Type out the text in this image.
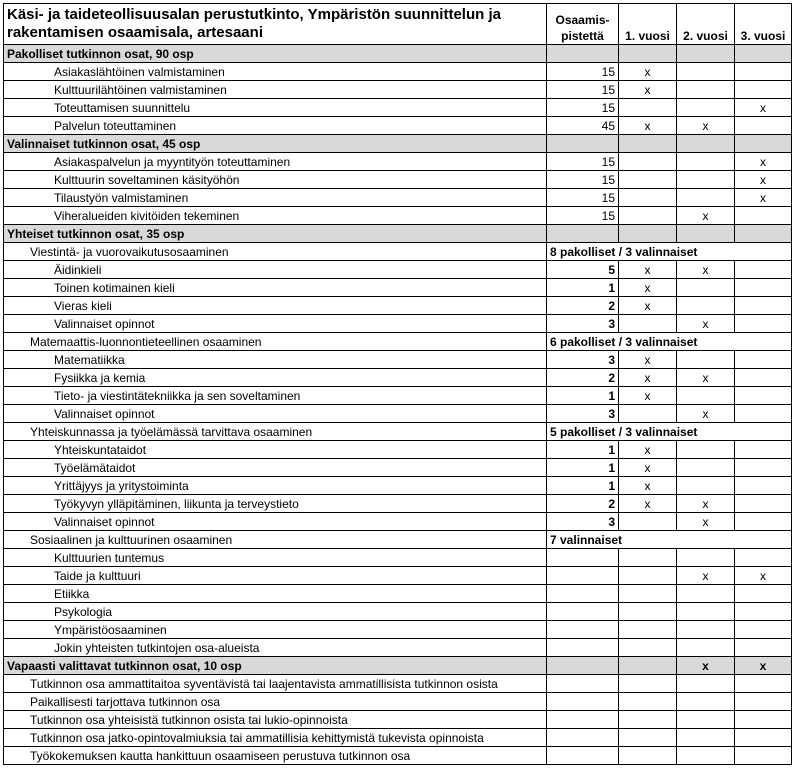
Käsi- ja taideteollisuusalan perustutkinto, Ympäristön suunnittelun ja rakentamisen osaamisala, artesaani	Osaamis-pistettä	1. vuosi	2. vuosi	3. vuosi
Pakolliset tutkinnon osat, 90 osp				
Asiakaslähtöinen valmistaminen	15	x		
Kulttuurilähtöinen valmistaminen	15	x		
Toteuttamisen suunnittelu	15			x
Palvelun toteuttaminen	45	x	x	
Valinnaiset tutkinnon osat, 45 osp				
Asiakaspalvelun ja myyntityön toteuttaminen	15			x
Kulttuurin soveltaminen käsityöhön	15			x
Tilaustyön valmistaminen	15			x
Viheralueiden kivitöiden tekeminen	15		x	
Yhteiset tutkinnon osat, 35 osp				
Viestintä- ja vuorovaikutusosaaminen	8 pakolliset / 3 valinnaiset			
Äidinkieli	5	x	x	
Toinen kotimainen kieli	1	x		
Vieras kieli	2	x		
Valinnaiset opinnot	3		x	
Matemaattis-luonnontieteellinen osaaminen	6 pakolliset / 3 valinnaiset			
Matematiikka	3	x		
Fysiikka ja kemia	2	x	x	
Tieto- ja viestintätekniikka ja sen soveltaminen	1	x		
Valinnaiset opinnot	3		x	
Yhteiskunnassa ja työelämässä tarvittava osaaminen	5 pakolliset / 3 valinnaiset			
Yhteiskuntataidot	1	x		
Työelämätaidot	1	x		
Yrittäjyys ja yritystoiminta	1	x		
Työkyvyn ylläpitäminen, liikunta ja terveystieto	2	x	x	
Valinnaiset opinnot	3		x	
Sosiaalinen ja kulttuurinen osaaminen	7 valinnaiset			
Kulttuurien tuntemus				
Taide ja kulttuuri			x	x
Etiikka				
Psykologia				
Ympäristöosaaminen				
Jokin yhteisten tutkintojen osa-alueista				
Vapaasti valittavat tutkinnon osat, 10 osp			x	x
Tutkinnon osa ammattitaitoa syventävistä tai laajentavista ammatillisista tutkinnon osista				
Paikallisesti tarjottava tutkinnon osa				
Tutkinnon osa yhteisistä tutkinnon osista tai lukio-opinnoista				
Tutkinnon osa jatko-opintovalmiuksia tai ammatillisia kehittymistä tukevista opinnoista				
Työkokemuksen kautta hankittuun osaamiseen perustuva tutkinnon osa				
